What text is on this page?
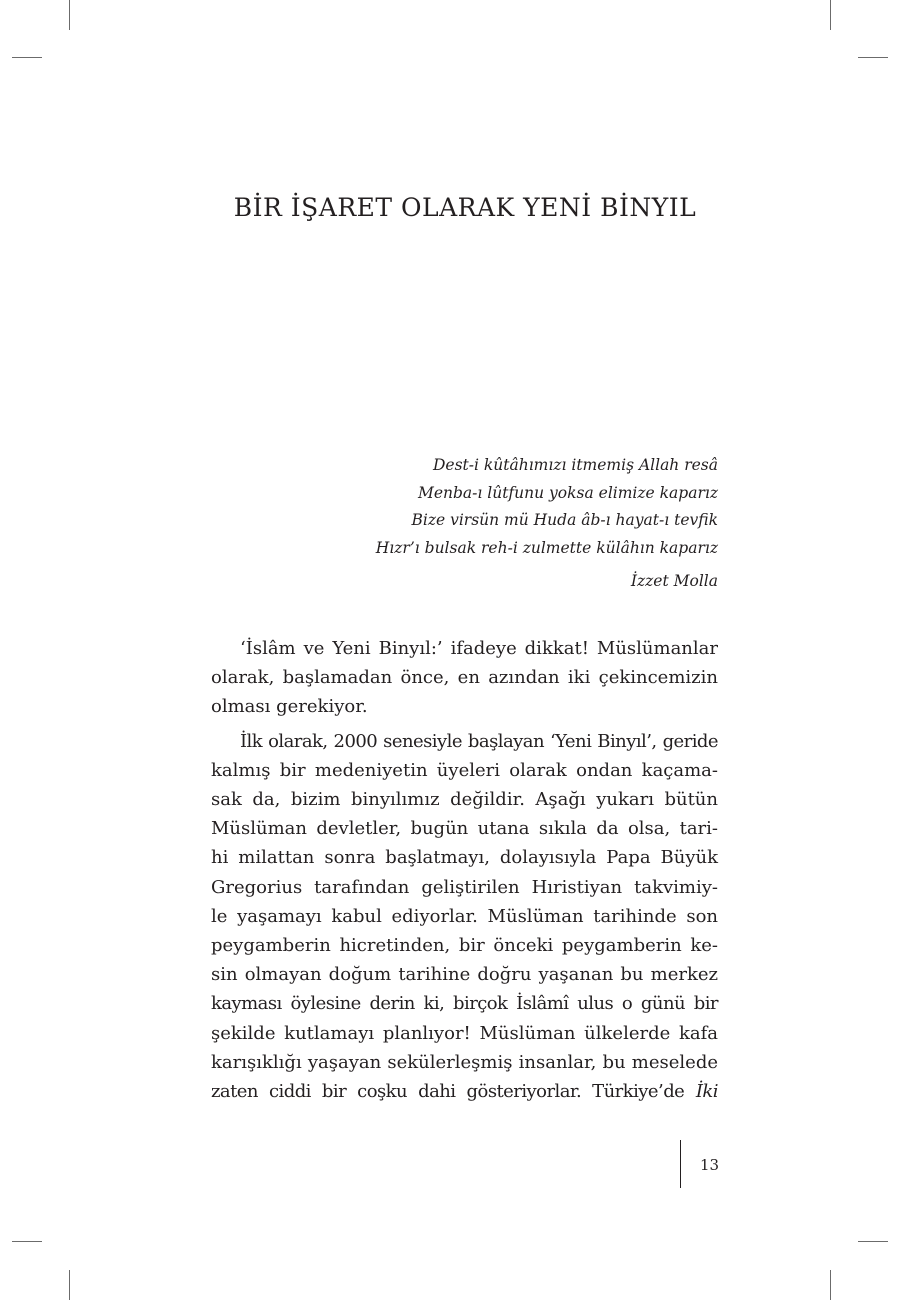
BİR İŞARET OLARAK YENİ BİNYIL
Dest-i kûtâhımızı itmemiş Allah resâ
Menba-ı lûtfunu yoksa elimize kaparız
Bize virsün mü Huda âb-ı hayat-ı tevfik
Hızr’ı bulsak reh-i zulmette külâhın kaparız
İzzet Molla
‘İslâm ve Yeni Binyıl:’ ifadeye dikkat! Müslümanlar
olarak, başlamadan önce, en azından iki çekincemizin
olması gerekiyor.
İlk olarak, 2000 senesiyle başlayan ‘Yeni Binyıl’, geride
kalmış bir medeniyetin üyeleri olarak ondan kaçama-
sak da, bizim binyılımız değildir. Aşağı yukarı bütün
Müslüman devletler, bugün utana sıkıla da olsa, tari-
hi milattan sonra başlatmayı, dolayısıyla Papa Büyük
Gregorius tarafından geliştirilen Hıristiyan takvimiy-
le yaşamayı kabul ediyorlar. Müslüman tarihinde son
peygamberin hicretinden, bir önceki peygamberin ke-
sin olmayan doğum tarihine doğru yaşanan bu merkez
kayması öylesine derin ki, birçok İslâmî ulus o günü bir
şekilde kutlamayı planlıyor! Müslüman ülkelerde kafa
karışıklığı yaşayan sekülerleşmiş insanlar, bu meselede
zaten ciddi bir coşku dahi gösteriyorlar. Türkiye’de İki
13
